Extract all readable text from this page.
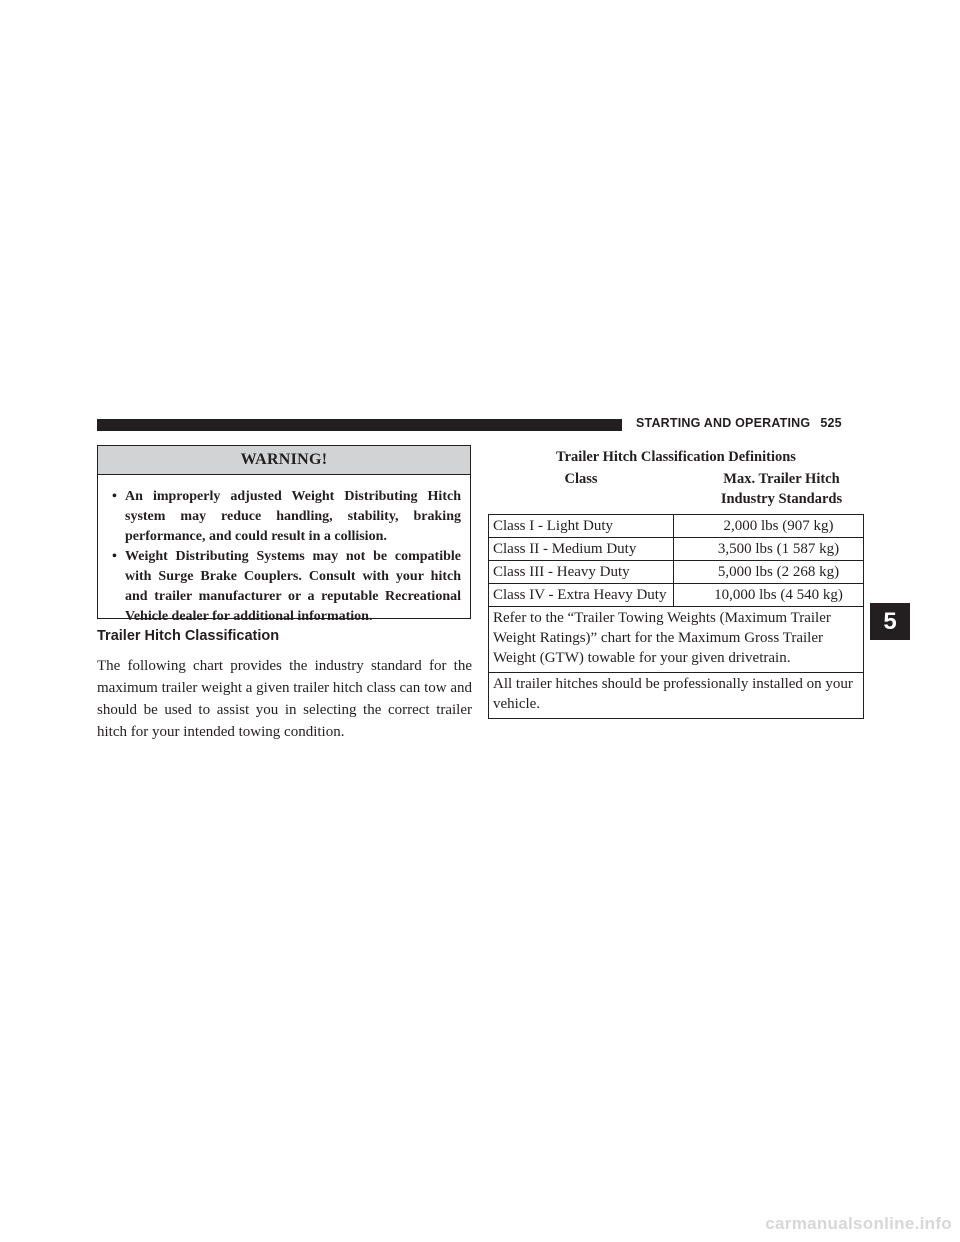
STARTING AND OPERATING 525
WARNING!
• An improperly adjusted Weight Distributing Hitch system may reduce handling, stability, braking performance, and could result in a collision.
• Weight Distributing Systems may not be compatible with Surge Brake Couplers. Consult with your hitch and trailer manufacturer or a reputable Recreational Vehicle dealer for additional information.
Trailer Hitch Classification
The following chart provides the industry standard for the maximum trailer weight a given trailer hitch class can tow and should be used to assist you in selecting the correct trailer hitch for your intended towing condition.
Trailer Hitch Classification Definitions	
Class	Max. Trailer Hitch Industry Standards
Class I - Light Duty	2,000 lbs (907 kg)
Class II - Medium Duty	3,500 lbs (1 587 kg)
Class III - Heavy Duty	5,000 lbs (2 268 kg)
Class IV - Extra Heavy Duty	10,000 lbs (4 540 kg)
Refer to the “Trailer Towing Weights (Maximum Trailer Weight Ratings)” chart for the Maximum Gross Trailer Weight (GTW) towable for your given drivetrain.	
All trailer hitches should be professionally installed on your vehicle.	
5
carmanualsonline.info
